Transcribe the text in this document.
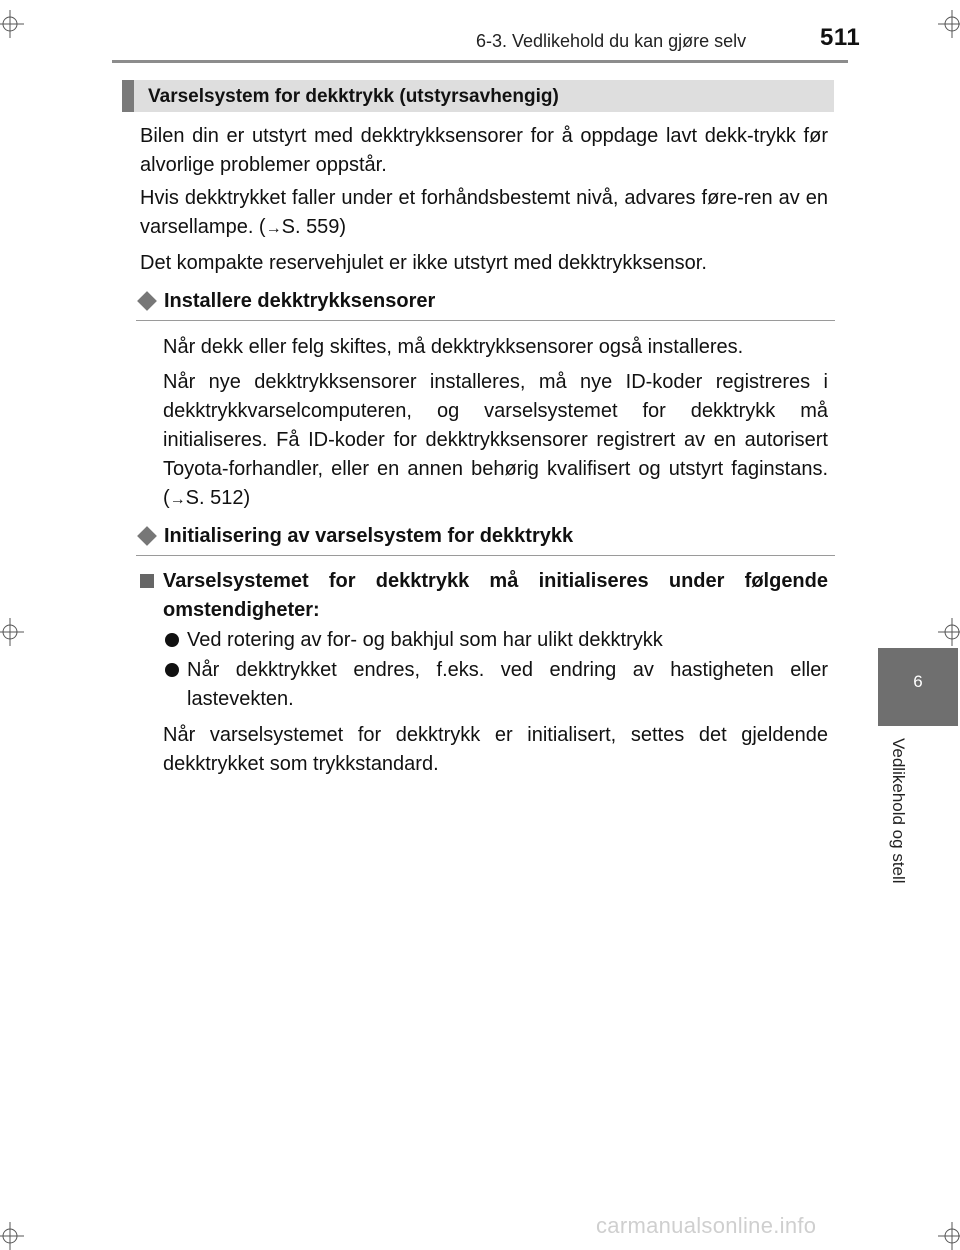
6-3. Vedlikehold du kan gjøre selv	511
Varselsystem for dekktrykk (utstyrsavhengig)
Bilen din er utstyrt med dekktrykksensorer for å oppdage lavt dekk-trykk før alvorlige problemer oppstår.
Hvis dekktrykket faller under et forhåndsbestemt nivå, advares føre-ren av en varsellampe. (→S. 559)
Det kompakte reservehjulet er ikke utstyrt med dekktrykksensor.
Installere dekktrykksensorer
Når dekk eller felg skiftes, må dekktrykksensorer også installeres.
Når nye dekktrykksensorer installeres, må nye ID-koder registreres i dekktrykkvarselcomputeren, og varselsystemet for dekktrykk må initialiseres. Få ID-koder for dekktrykksensorer registrert av en autorisert Toyota-forhandler, eller en annen behørig kvalifisert og utstyrt faginstans. (→S. 512)
Initialisering av varselsystem for dekktrykk
Varselsystemet for dekktrykk må initialiseres under følgende omstendigheter:
Ved rotering av for- og bakhjul som har ulikt dekktrykk
Når dekktrykket endres, f.eks. ved endring av hastigheten eller lastevekten.
Når varselsystemet for dekktrykk er initialisert, settes det gjeldende dekktrykket som trykkstandard.
6
Vedlikehold og stell
carmanualsonline.info
